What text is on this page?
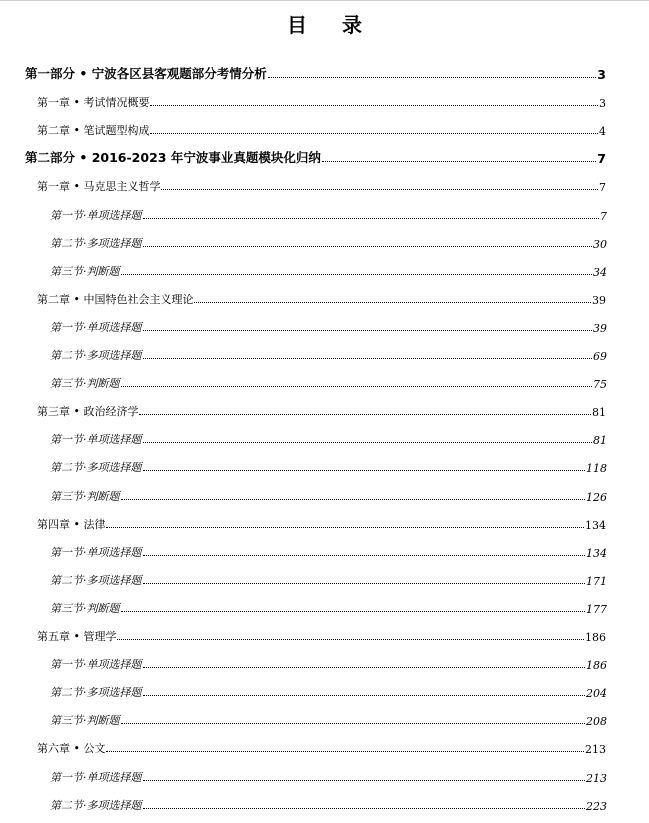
目 录
第一部分 • 宁波各区县客观题部分考情分析	3
第一章 • 考试情况概要	3
第二章 • 笔试题型构成	4
第二部分 • 2016-2023 年宁波事业真题模块化归纳	7
第一章 • 马克思主义哲学	7
第一节·单项选择题	7
第二节·多项选择题	30
第三节·判断题	34
第二章 • 中国特色社会主义理论	39
第一节·单项选择题	39
第二节·多项选择题	69
第三节·判断题	75
第三章 • 政治经济学	81
第一节·单项选择题	81
第二节·多项选择题	118
第三节·判断题	126
第四章 • 法律	134
第一节·单项选择题	134
第二节·多项选择题	171
第三节·判断题	177
第五章 • 管理学	186
第一节·单项选择题	186
第二节·多项选择题	204
第三节·判断题	208
第六章 • 公文	213
第一节·单项选择题	213
第二节·多项选择题	223
